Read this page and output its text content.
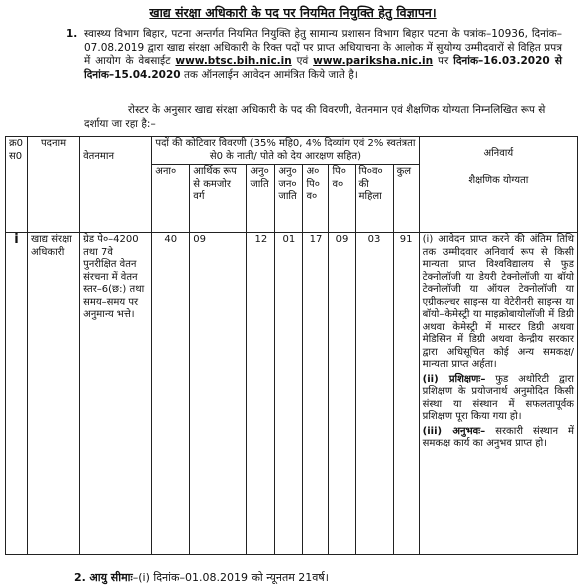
खाद्य संरक्षा अधिकारी के पद पर नियमित नियुक्ति हेतु विज्ञापन।
1. स्वास्थ्य विभाग बिहार, पटना अन्तर्गत नियमित नियुक्ति हेतु सामान्य प्रशासन विभाग बिहार पटना के पत्रांक–10936, दिनांक–07.08.2019 द्वारा खाद्य संरक्षा अधिकारी के रिक्त पदों पर प्राप्त अधियाचना के आलोक में सुयोग्य उम्मीदवारों से विहित प्रपत्र में आयोग के वेबसाईट www.btsc.bih.nic.in एवं www.pariksha.nic.in पर दिनांक–16.03.2020 से दिनांक–15.04.2020 तक ऑनलाईन आवेदन आमंत्रित किये जाते है।

रोस्टर के अनुसार खाद्य संरक्षा अधिकारी के पद की विवरणी, वेतनमान एवं शैक्षणिक योग्यता निम्नलिखित रूप से दर्शाया जा रहा है:–

क्र0 स0	पदनाम	वेतनमान	पदों की कोटिवार विवरणी (35% महि0, 4% दिव्यांग एवं 2% स्वतंत्रता से0 के नाती/ पोते को देय आरक्षण सहित)								अनिवार्य
शैक्षणिक योग्यता

			अना०	आर्थिक रूप से कमजोर वर्ग	अनु० जाति	अनु० जन० जाति	अ० पि० व०	पि० व०	पि०व० की महिला	कुल	
i	खाद्य संरक्षा अधिकारी	ग्रेड पे०–4200 तथा 7वे पुनरीक्षित वेतन संरचना में वेतन स्तर–6(छ:) तथा समय–समय पर अनुमान्य भत्ते।	40	09	12	01	17	09	03	91	(i) आवेदन प्राप्त करने की अंतिम तिथि तक उम्मीदवार अनिवार्य रूप से किसी मान्यता प्राप्त विश्वविद्यालय से फुड टेक्नोलॉजी या डेयरी टेक्नोलॉजी या बॉयो टेक्नोलॉजी या ऑयल टेक्नोलॉजी या एग्रीकल्चर साइन्स या वेटेरीनरी साइन्स या बॉयो–केमेस्ट्री या माइक्रोबायोलॉजी में डिग्री अथवा केमेस्ट्री में मास्टर डिग्री अथवा मेडिसिन में डिग्री अथवा केन्द्रीय सरकार द्वारा अधिसूचित कोई अन्य समकक्ष/मान्यता प्राप्त अर्हता।
(ii) प्रशिक्षणः– फुड अथोरिटी द्वारा प्रशिक्षण के प्रयोजनार्थ अनुमोदित किसी संस्था या संस्थान में सफलतापूर्वक प्रशिक्षण पूरा किया गया हो।
(iii) अनुभवः– सरकारी संस्थान में समकक्ष कार्य का अनुभव प्राप्त हो।
2. आयु सीमाः–(i) दिनांक–01.08.2019 को न्यूनतम 21वर्ष।
